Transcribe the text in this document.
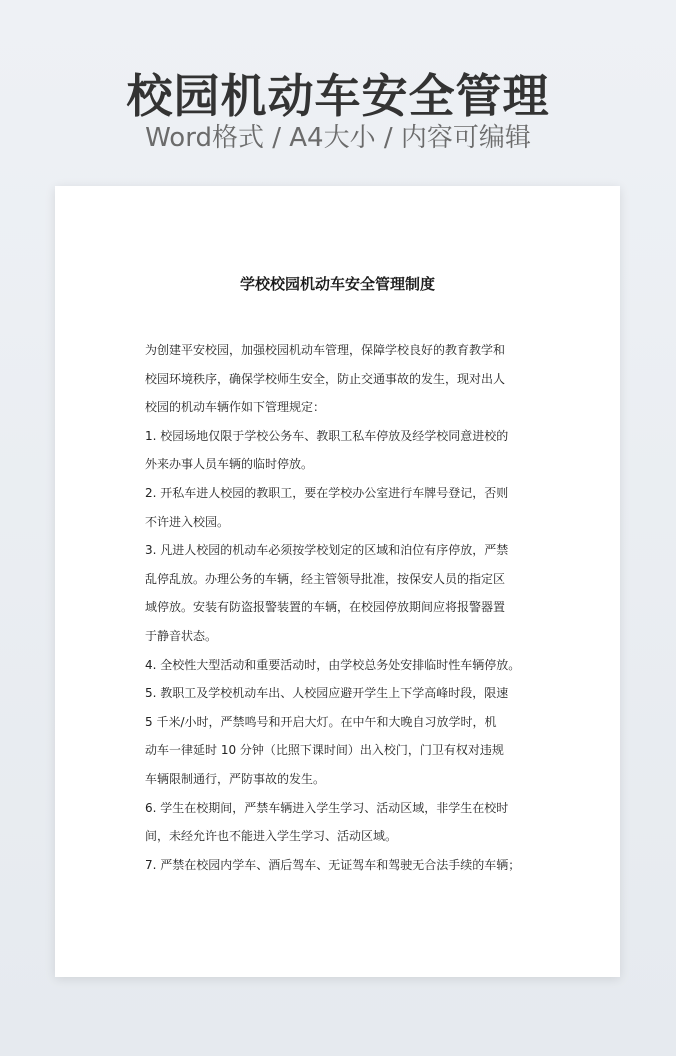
校园机动车安全管理
Word格式 / A4大小 / 内容可编辑
学校校园机动车安全管理制度
为创建平安校园，加强校园机动车管理，保障学校良好的教育教学和
校园环境秩序，确保学校师生安全，防止交通事故的发生，现对出人
校园的机动车辆作如下管理规定：
1. 校园场地仅限于学校公务车、教职工私车停放及经学校同意进校的
外来办事人员车辆的临时停放。
2. 开私车进人校园的教职工，要在学校办公室进行车牌号登记，否则
不许进入校园。
3. 凡进人校园的机动车必须按学校划定的区域和泊位有序停放，严禁
乱停乱放。办理公务的车辆，经主管领导批准，按保安人员的指定区
域停放。安装有防盗报警装置的车辆，在校园停放期间应将报警器置
于静音状态。
4. 全校性大型活动和重要活动时，由学校总务处安排临时性车辆停放。
5. 教职工及学校机动车出、人校园应避开学生上下学高峰时段，限速
5 千米/小时，严禁鸣号和开启大灯。在中午和大晚自习放学时，机
动车一律延时 10 分钟（比照下课时间）出入校门，门卫有权对违规
车辆限制通行，严防事故的发生。
6. 学生在校期间，严禁车辆进入学生学习、活动区域，非学生在校时
间，未经允许也不能进入学生学习、活动区域。
7. 严禁在校园内学车、酒后驾车、无证驾车和驾驶无合法手续的车辆；
